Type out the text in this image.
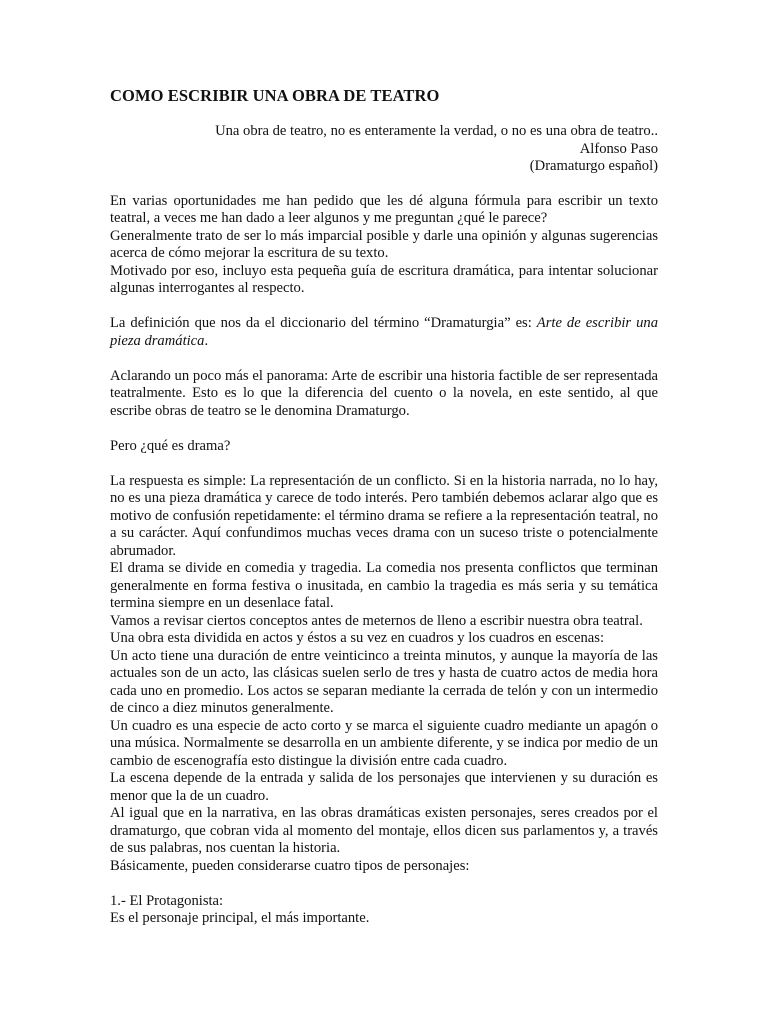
COMO ESCRIBIR UNA OBRA DE TEATRO
Una obra de teatro, no es enteramente la verdad, o no es una obra de teatro..
Alfonso Paso
(Dramaturgo español)

En varias oportunidades me han pedido que les dé alguna fórmula para escribir un texto teatral, a veces me han dado a leer algunos y me preguntan ¿qué le parece?

Generalmente trato de ser lo más imparcial posible y darle una opinión y algunas sugerencias acerca de cómo mejorar la escritura de su texto.

Motivado por eso, incluyo esta pequeña guía de escritura dramática, para intentar solucionar algunas interrogantes al respecto.

La definición que nos da el diccionario del término “Dramaturgia” es: Arte de escribir una pieza dramática.

Aclarando un poco más el panorama: Arte de escribir una historia factible de ser representada teatralmente. Esto es lo que la diferencia del cuento o la novela, en este sentido, al que escribe obras de teatro se le denomina Dramaturgo.

Pero ¿qué es drama?

La respuesta es simple: La representación de un conflicto. Si en la historia narrada, no lo hay, no es una pieza dramática y carece de todo interés. Pero también debemos aclarar algo que es motivo de confusión repetidamente: el término drama se refiere a la representación teatral, no a su carácter. Aquí confundimos muchas veces drama con un suceso triste o potencialmente abrumador.

El drama se divide en comedia y tragedia. La comedia nos presenta conflictos que terminan generalmente en forma festiva o inusitada, en cambio la tragedia es más seria y su temática termina siempre en un desenlace fatal.

Vamos a revisar ciertos conceptos antes de meternos de lleno a escribir nuestra obra teatral.

Una obra esta dividida en actos y éstos a su vez en cuadros y los cuadros en escenas:

Un acto tiene una duración de entre veinticinco a treinta minutos, y aunque la mayoría de las actuales son de un acto, las clásicas suelen serlo de tres y hasta de cuatro actos de media hora cada uno en promedio. Los actos se separan mediante la cerrada de telón y con un intermedio de cinco a diez minutos generalmente.

Un cuadro es una especie de acto corto y se marca el siguiente cuadro mediante un apagón o una música. Normalmente se desarrolla en un ambiente diferente, y se indica por medio de un cambio de escenografía esto distingue la división entre cada cuadro.

La escena depende de la entrada y salida de los personajes que intervienen y su duración es menor que la de un cuadro.

Al igual que en la narrativa, en las obras dramáticas existen personajes, seres creados por el dramaturgo, que cobran vida al momento del montaje, ellos dicen sus parlamentos y, a través de sus palabras, nos cuentan la historia.

Básicamente, pueden considerarse cuatro tipos de personajes:

1.- El Protagonista:

Es el personaje principal, el más importante.
